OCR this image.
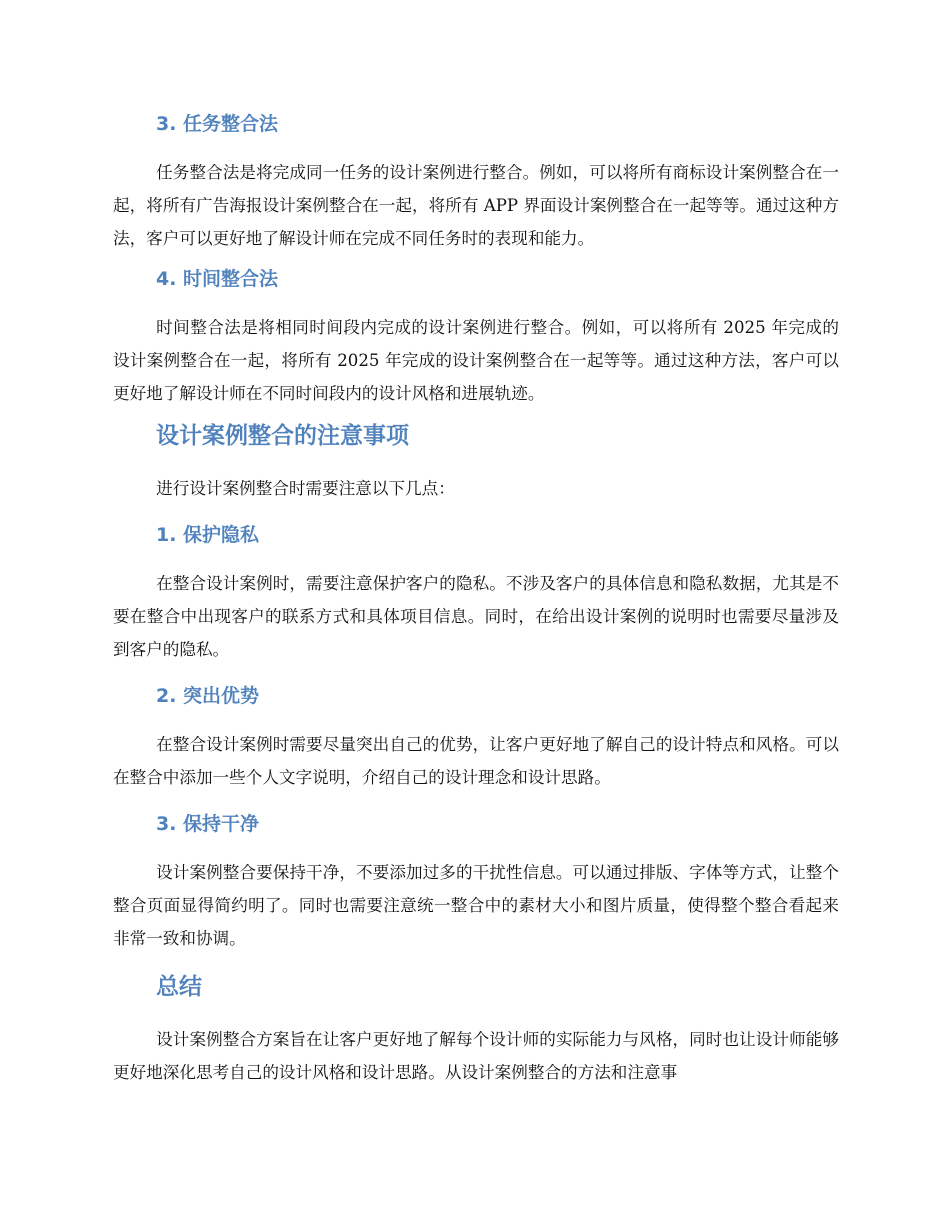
3. 任务整合法

任务整合法是将完成同一任务的设计案例进行整合。例如，可以将所有商标设计案例整合在一起，将所有广告海报设计案例整合在一起，将所有 APP 界面设计案例整合在一起等等。通过这种方法，客户可以更好地了解设计师在完成不同任务时的表现和能力。

4. 时间整合法

时间整合法是将相同时间段内完成的设计案例进行整合。例如，可以将所有 2025 年完成的设计案例整合在一起，将所有 2025 年完成的设计案例整合在一起等等。通过这种方法，客户可以更好地了解设计师在不同时间段内的设计风格和进展轨迹。

设计案例整合的注意事项

进行设计案例整合时需要注意以下几点：

1. 保护隐私

在整合设计案例时，需要注意保护客户的隐私。不涉及客户的具体信息和隐私数据，尤其是不要在整合中出现客户的联系方式和具体项目信息。同时，在给出设计案例的说明时也需要尽量涉及到客户的隐私。

2. 突出优势

在整合设计案例时需要尽量突出自己的优势，让客户更好地了解自己的设计特点和风格。可以在整合中添加一些个人文字说明，介绍自己的设计理念和设计思路。

3. 保持干净

设计案例整合要保持干净，不要添加过多的干扰性信息。可以通过排版、字体等方式，让整个整合页面显得简约明了。同时也需要注意统一整合中的素材大小和图片质量，使得整个整合看起来非常一致和协调。

总结

设计案例整合方案旨在让客户更好地了解每个设计师的实际能力与风格，同时也让设计师能够更好地深化思考自己的设计风格和设计思路。从设计案例整合的方法和注意事
